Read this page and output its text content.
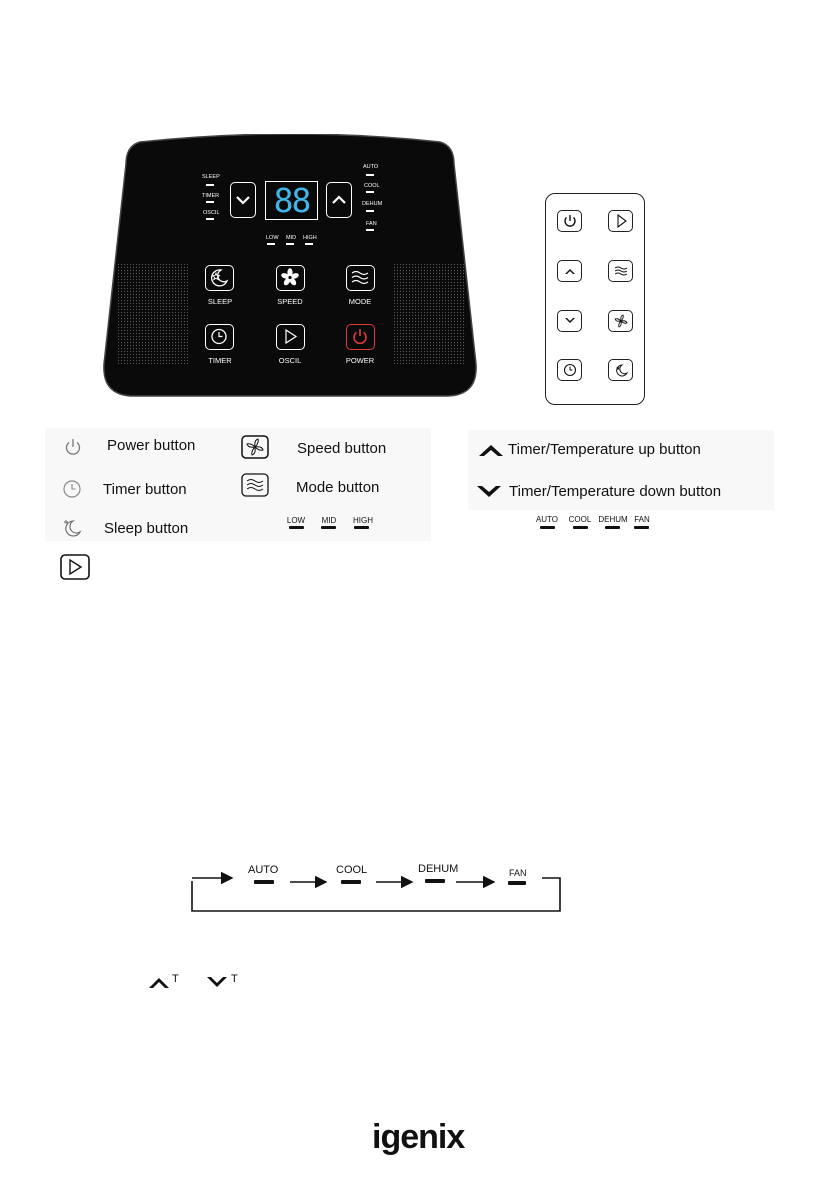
SLEEP
TIMER
OSCIL 88
AUTO
COOL
DEHUM
FAN
LOW MID HIGH
SLEEP	SPEED	MODE
TIMER	OSCIL	POWER
Power button
Timer button
Sleep button
Speed button
Mode button
LOW	MID	HIGH
Timer/Temperature up button
Timer/Temperature down button
AUTO	COOL DEHUM FAN
AUTO	COOL	DEHUM	FAN
T	T
igenix
